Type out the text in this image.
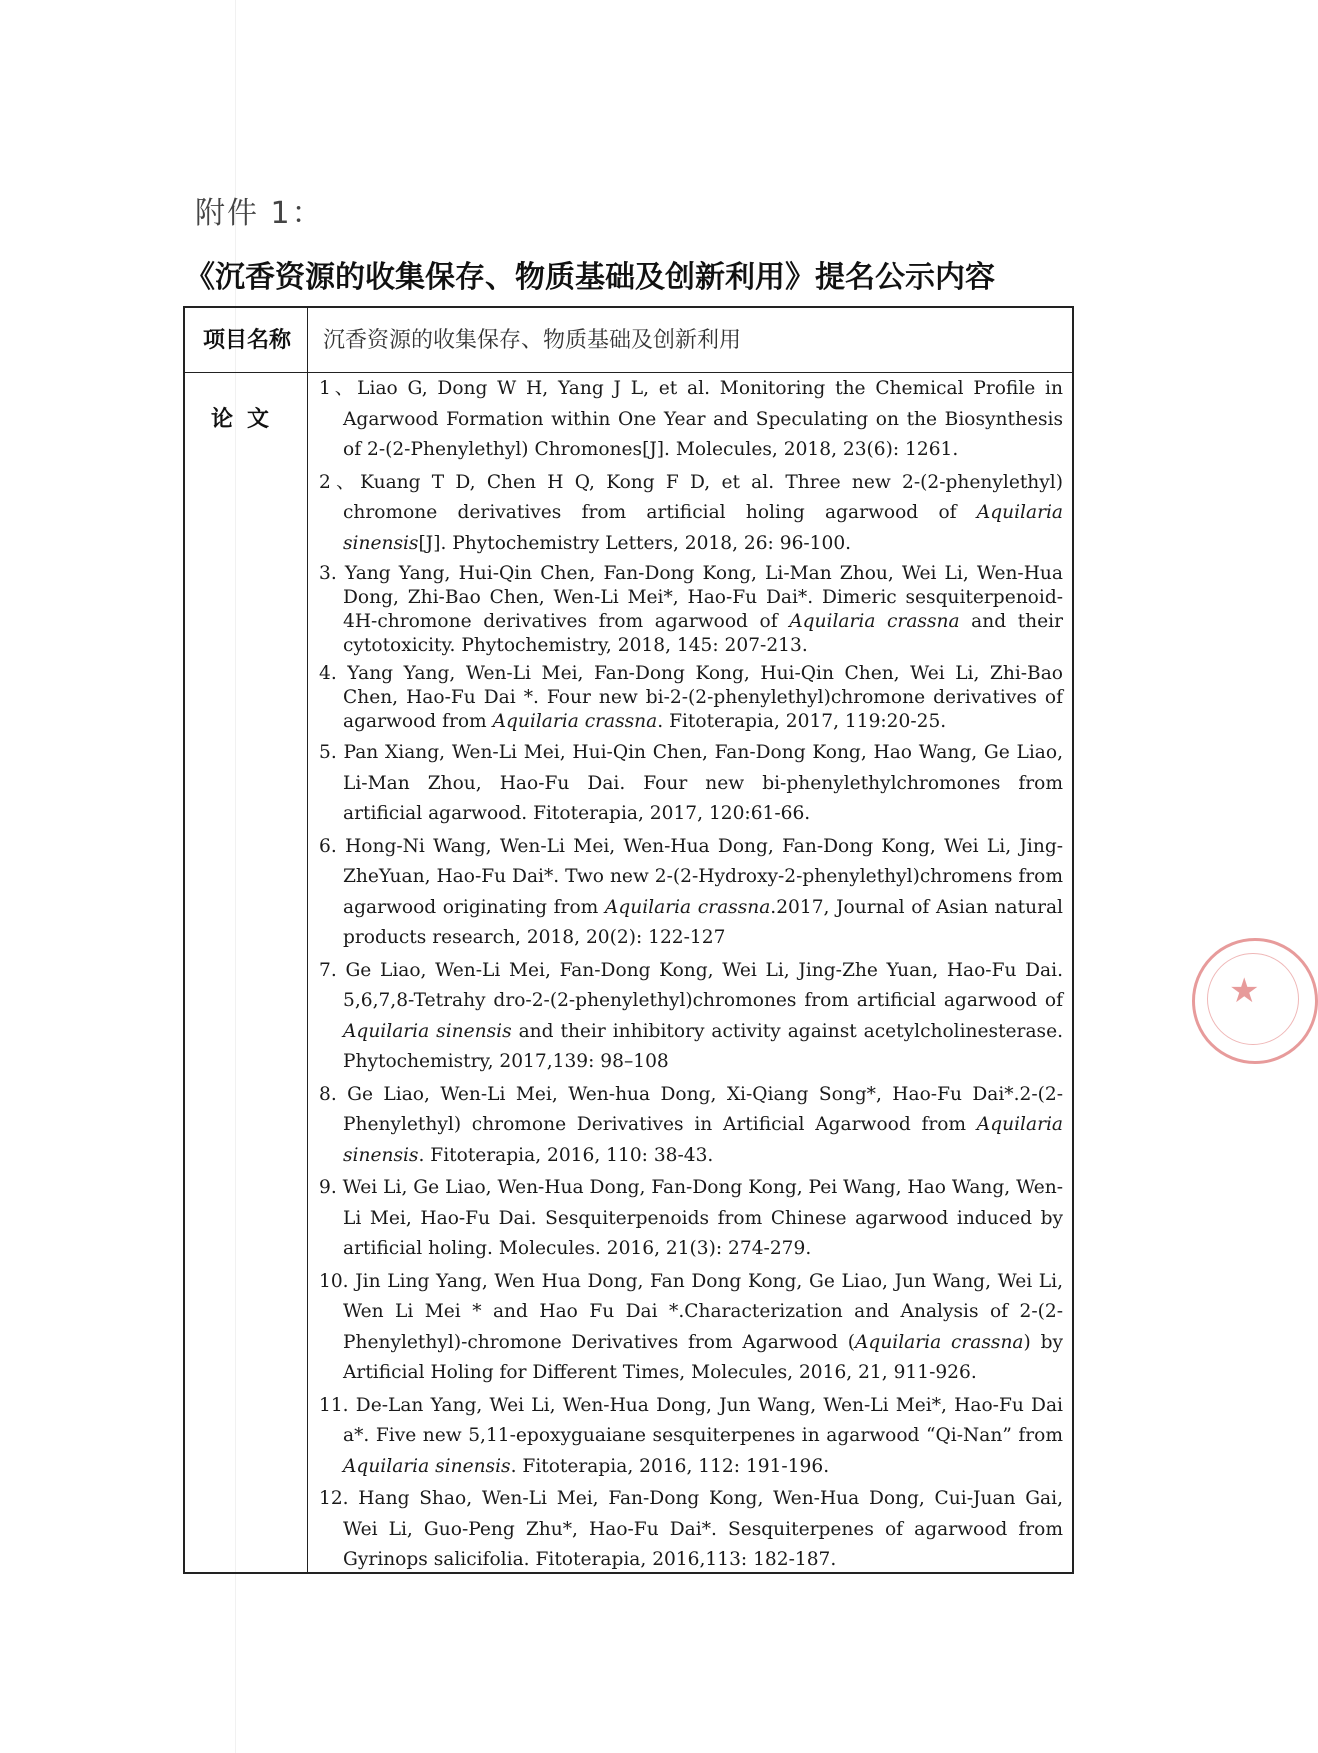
附件 1：
《沉香资源的收集保存、物质基础及创新利用》提名公示内容
项目名称	沉香资源的收集保存、物质基础及创新利用
论文
1、Liao G, Dong W H, Yang J L, et al. Monitoring the Chemical Profile in Agarwood Formation within One Year and Speculating on the Biosynthesis of 2-(2-Phenylethyl) Chromones[J]. Molecules, 2018, 23(6): 1261.
2、Kuang T D, Chen H Q, Kong F D, et al. Three new 2-(2-phenylethyl) chromone derivatives from artificial holing agarwood of Aquilaria sinensis[J]. Phytochemistry Letters, 2018, 26: 96-100.
3. Yang Yang, Hui-Qin Chen, Fan-Dong Kong, Li-Man Zhou, Wei Li, Wen-Hua Dong, Zhi-Bao Chen, Wen-Li Mei*, Hao-Fu Dai*. Dimeric sesquiterpenoid-4H-chromone derivatives from agarwood of Aquilaria crassna and their cytotoxicity. Phytochemistry, 2018, 145: 207-213.
4. Yang Yang, Wen-Li Mei, Fan-Dong Kong, Hui-Qin Chen, Wei Li, Zhi-Bao Chen, Hao-Fu Dai *. Four new bi-2-(2-phenylethyl)chromone derivatives of agarwood from Aquilaria crassna. Fitoterapia, 2017, 119:20-25.
5. Pan Xiang, Wen-Li Mei, Hui-Qin Chen, Fan-Dong Kong, Hao Wang, Ge Liao, Li-Man Zhou, Hao-Fu Dai. Four new bi-phenylethylchromones from artificial agarwood. Fitoterapia, 2017, 120:61-66.
6. Hong-Ni Wang, Wen-Li Mei, Wen-Hua Dong, Fan-Dong Kong, Wei Li, Jing-ZheYuan, Hao-Fu Dai*. Two new 2-(2-Hydroxy-2-phenylethyl)chromens from agarwood originating from Aquilaria crassna.2017, Journal of Asian natural products research, 2018, 20(2): 122-127
7. Ge Liao, Wen-Li Mei, Fan-Dong Kong, Wei Li, Jing-Zhe Yuan, Hao-Fu Dai. 5,6,7,8-Tetrahy dro-2-(2-phenylethyl)chromones from artificial agarwood of Aquilaria sinensis and their inhibitory activity against acetylcholinesterase. Phytochemistry, 2017,139: 98–108
8. Ge Liao, Wen-Li Mei, Wen-hua Dong, Xi-Qiang Song*, Hao-Fu Dai*.2-(2-Phenylethyl) chromone Derivatives in Artificial Agarwood from Aquilaria sinensis. Fitoterapia, 2016, 110: 38-43.
9. Wei Li, Ge Liao, Wen-Hua Dong, Fan-Dong Kong, Pei Wang, Hao Wang, Wen-Li Mei, Hao-Fu Dai. Sesquiterpenoids from Chinese agarwood induced by artificial holing. Molecules. 2016, 21(3): 274-279.
10. Jin Ling Yang, Wen Hua Dong, Fan Dong Kong, Ge Liao, Jun Wang, Wei Li, Wen Li Mei * and Hao Fu Dai *.Characterization and Analysis of 2-(2-Phenylethyl)-chromone Derivatives from Agarwood (Aquilaria crassna) by Artificial Holing for Different Times, Molecules, 2016, 21, 911-926.
11. De-Lan Yang, Wei Li, Wen-Hua Dong, Jun Wang, Wen-Li Mei*, Hao-Fu Dai a*. Five new 5,11-epoxyguaiane sesquiterpenes in agarwood “Qi-Nan” from Aquilaria sinensis. Fitoterapia, 2016, 112: 191-196.
12. Hang Shao, Wen-Li Mei, Fan-Dong Kong, Wen-Hua Dong, Cui-Juan Gai, Wei Li, Guo-Peng Zhu*, Hao-Fu Dai*. Sesquiterpenes of agarwood from Gyrinops salicifolia. Fitoterapia, 2016,113: 182-187.
★
